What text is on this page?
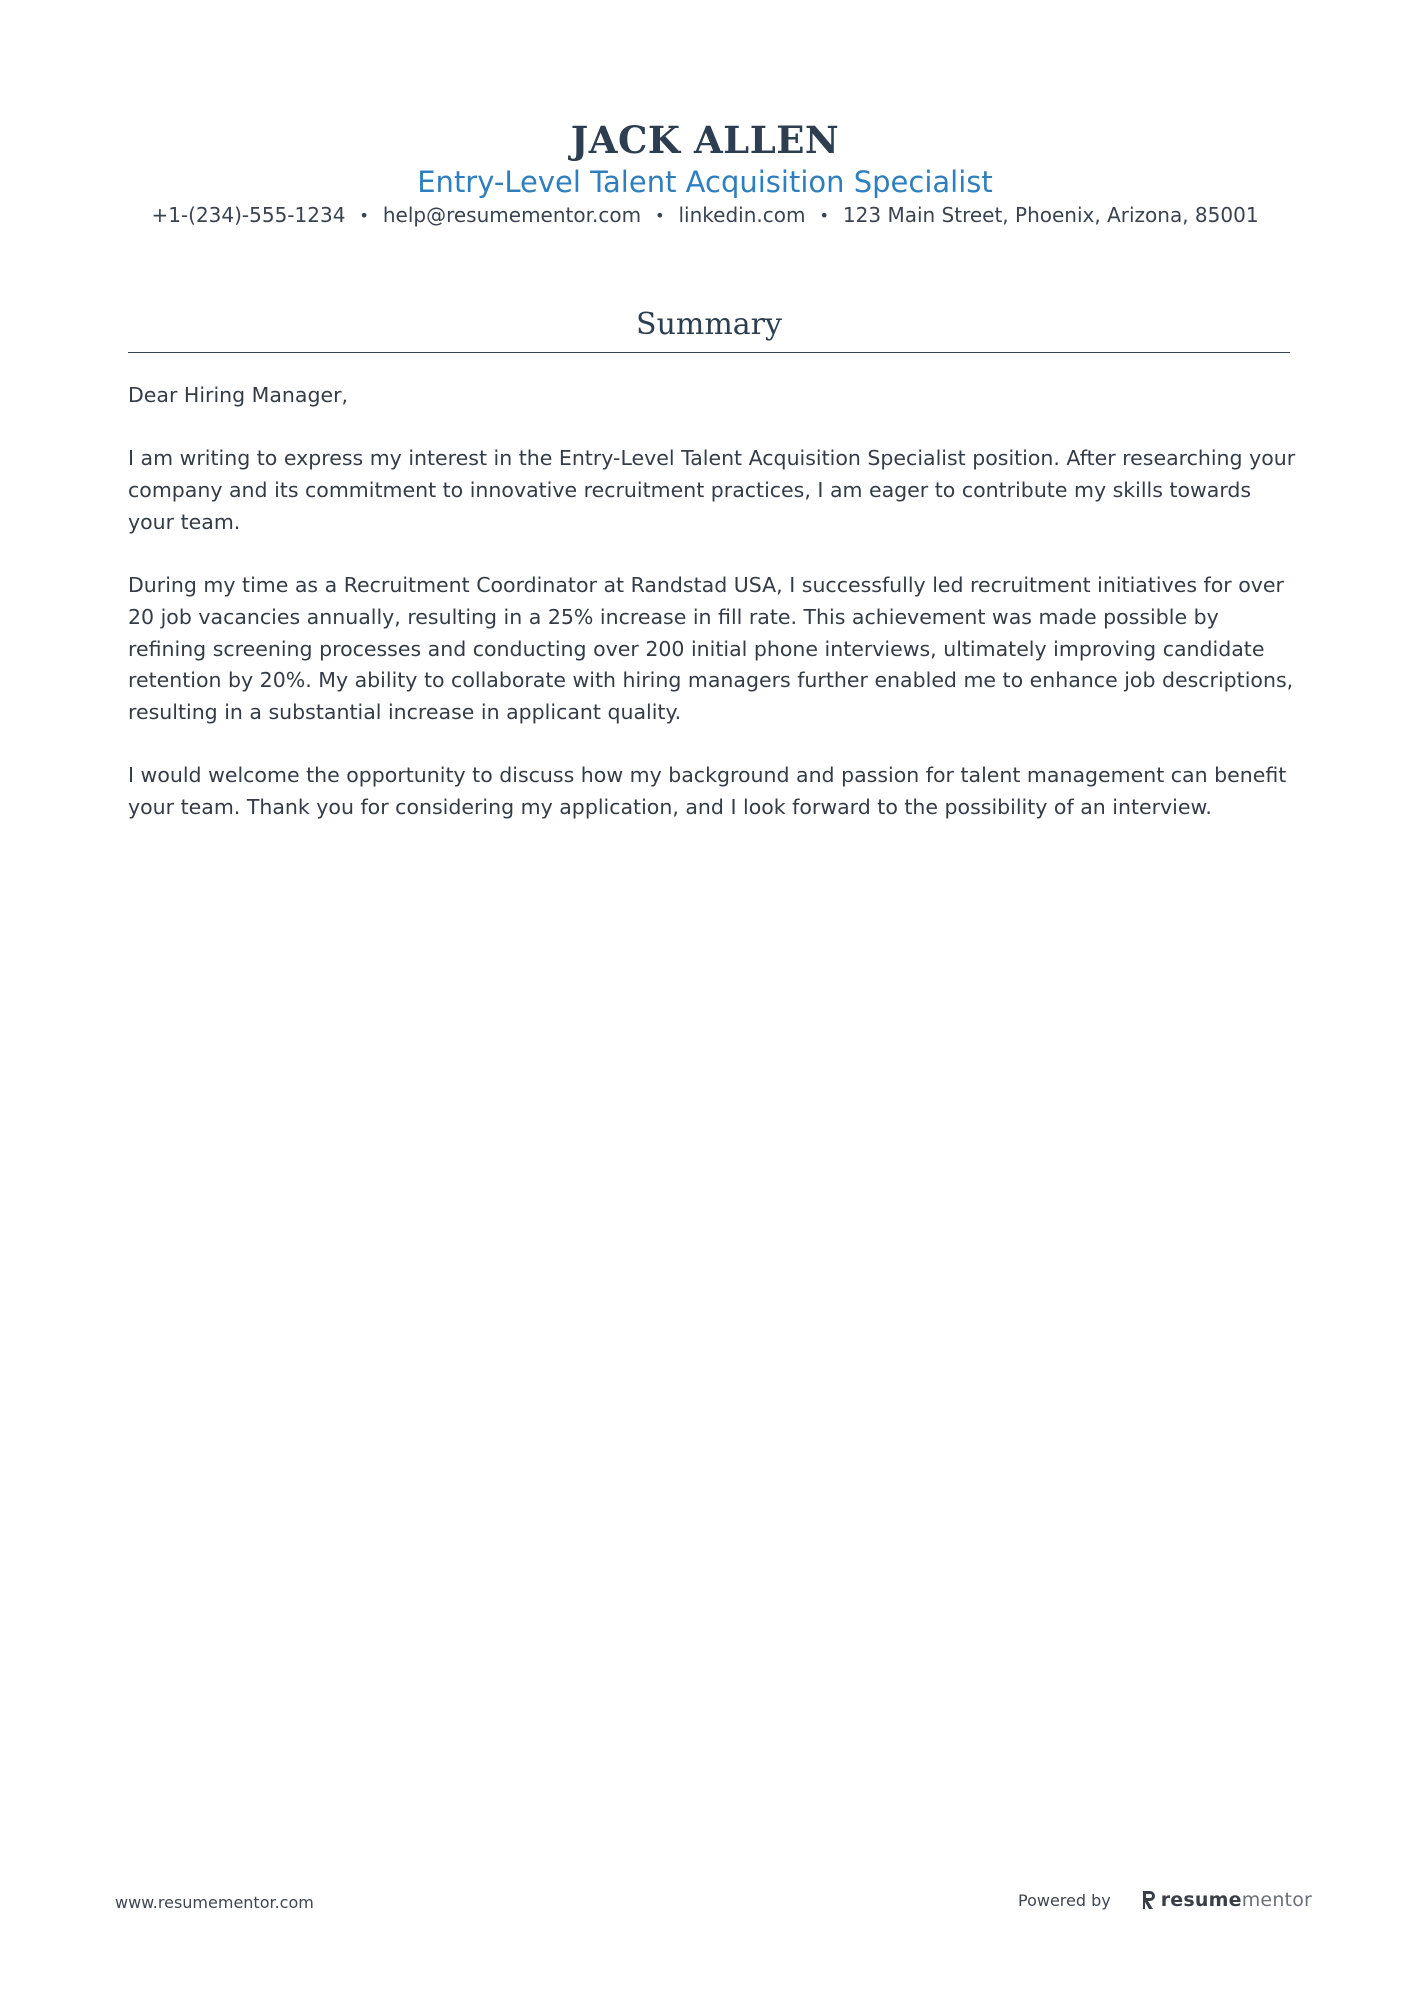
JACK ALLEN
Entry-Level Talent Acquisition Specialist
+1-(234)-555-1234 • help@resumementor.com • linkedin.com • 123 Main Street, Phoenix, Arizona, 85001
Summary

Dear Hiring Manager,

I am writing to express my interest in the Entry-Level Talent Acquisition Specialist position. After researching your company and its commitment to innovative recruitment practices, I am eager to contribute my skills towards your team.

During my time as a Recruitment Coordinator at Randstad USA, I successfully led recruitment initiatives for over 20 job vacancies annually, resulting in a 25% increase in fill rate. This achievement was made possible by refining screening processes and conducting over 200 initial phone interviews, ultimately improving candidate retention by 20%. My ability to collaborate with hiring managers further enabled me to enhance job descriptions, resulting in a substantial increase in applicant quality.

I would welcome the opportunity to discuss how my background and passion for talent management can benefit your team. Thank you for considering my application, and I look forward to the possibility of an interview.

www.resumementor.com	Powered by	resume mentor
